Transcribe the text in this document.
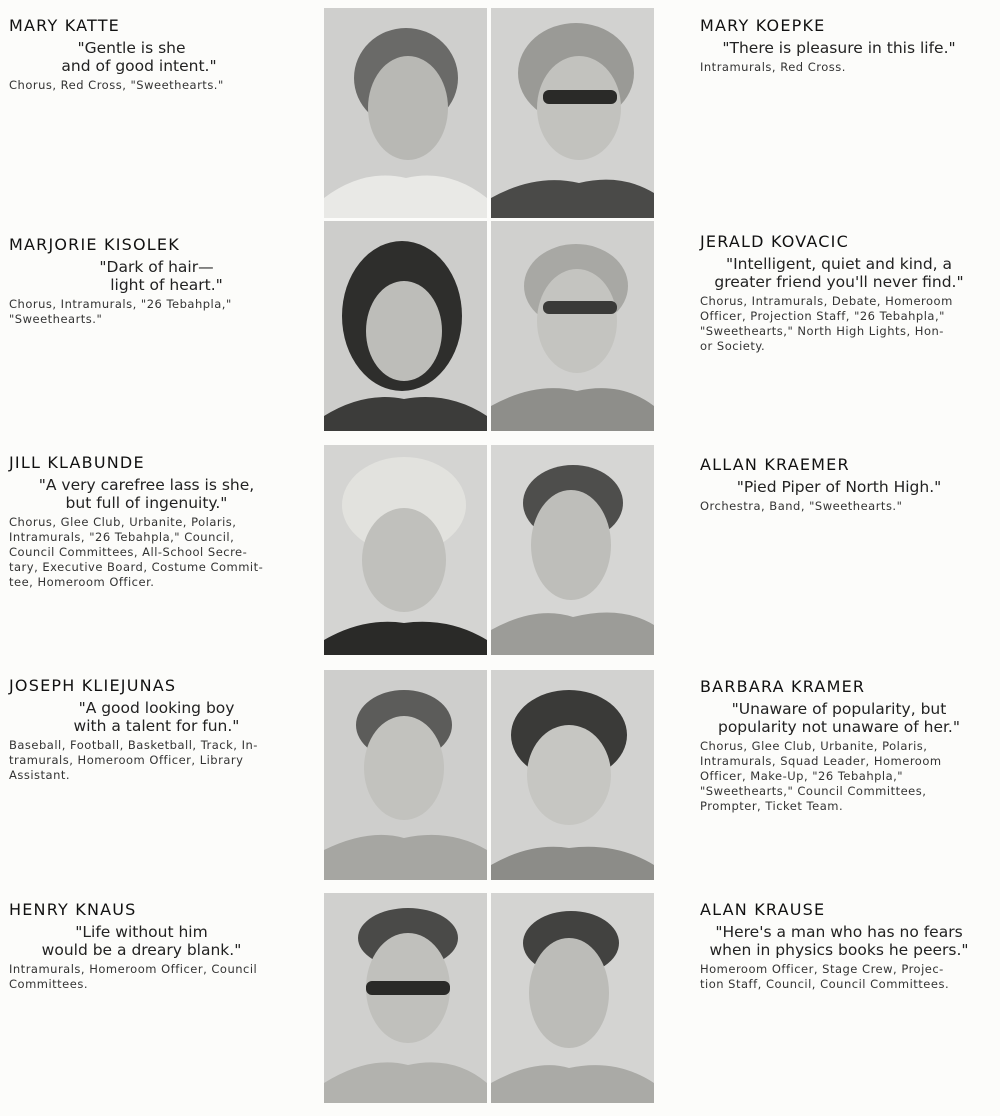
MARY KATTE
"Gentle is she
and of good intent."
Chorus, Red Cross, "Sweethearts."
MARJORIE KISOLEK
"Dark of hair—
light of heart."
Chorus, Intramurals, "26 Tebahpla,"
"Sweethearts."
JILL KLABUNDE
"A very carefree lass is she,
but full of ingenuity."
Chorus, Glee Club, Urbanite, Polaris,
Intramurals, "26 Tebahpla," Council,
Council Committees, All-School Secre-
tary, Executive Board, Costume Commit-
tee, Homeroom Officer.
JOSEPH KLIEJUNAS
"A good looking boy
with a talent for fun."
Baseball, Football, Basketball, Track, In-
tramurals, Homeroom Officer, Library
Assistant.
HENRY KNAUS
"Life without him
would be a dreary blank."
Intramurals, Homeroom Officer, Council
Committees.
MARY KOEPKE
"There is pleasure in this life."
Intramurals, Red Cross.
JERALD KOVACIC
"Intelligent, quiet and kind, a
greater friend you'll never find."
Chorus, Intramurals, Debate, Homeroom
Officer, Projection Staff, "26 Tebahpla,"
"Sweethearts," North High Lights, Hon-
or Society.
ALLAN KRAEMER
"Pied Piper of North High."
Orchestra, Band, "Sweethearts."
BARBARA KRAMER
"Unaware of popularity, but
popularity not unaware of her."
Chorus, Glee Club, Urbanite, Polaris,
Intramurals, Squad Leader, Homeroom
Officer, Make-Up, "26 Tebahpla,"
"Sweethearts," Council Committees,
Prompter, Ticket Team.
ALAN KRAUSE
"Here's a man who has no fears
when in physics books he peers."
Homeroom Officer, Stage Crew, Projec-
tion Staff, Council, Council Committees.
